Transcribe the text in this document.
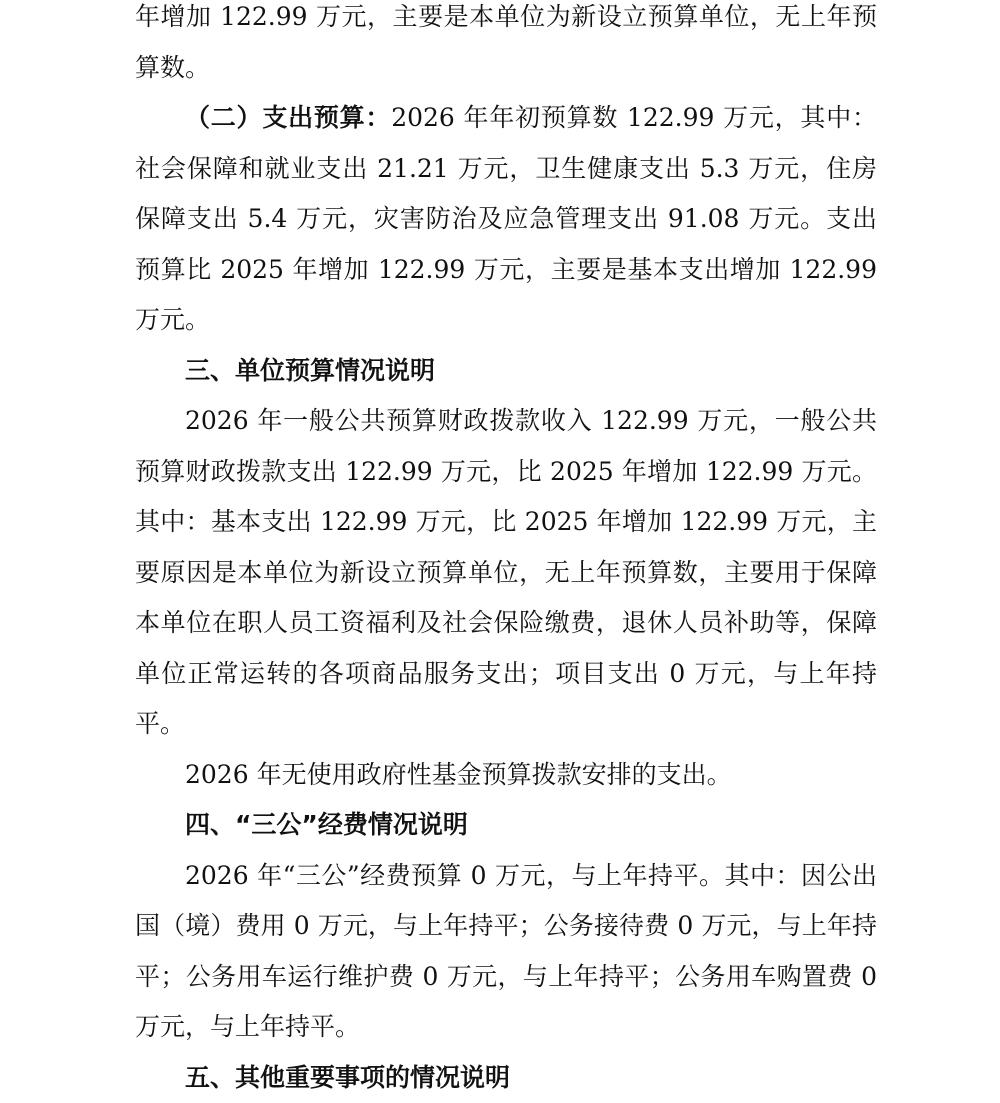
年增加 122.99 万元，主要是本单位为新设立预算单位，无上年预算数。

（二）支出预算：2026 年年初预算数 122.99 万元，其中：社会保障和就业支出 21.21 万元，卫生健康支出 5.3 万元，住房保障支出 5.4 万元，灾害防治及应急管理支出 91.08 万元。支出预算比 2025 年增加 122.99 万元，主要是基本支出增加 122.99 万元。

三、单位预算情况说明

2026 年一般公共预算财政拨款收入 122.99 万元，一般公共预算财政拨款支出 122.99 万元，比 2025 年增加 122.99 万元。其中：基本支出 122.99 万元，比 2025 年增加 122.99 万元，主要原因是本单位为新设立预算单位，无上年预算数，主要用于保障本单位在职人员工资福利及社会保险缴费，退休人员补助等，保障单位正常运转的各项商品服务支出；项目支出 0 万元，与上年持平。

2026 年无使用政府性基金预算拨款安排的支出。

四、“三公”经费情况说明

2026 年“三公”经费预算 0 万元，与上年持平。其中：因公出国（境）费用 0 万元，与上年持平；公务接待费 0 万元，与上年持平；公务用车运行维护费 0 万元，与上年持平；公务用车购置费 0 万元，与上年持平。

五、其他重要事项的情况说明
